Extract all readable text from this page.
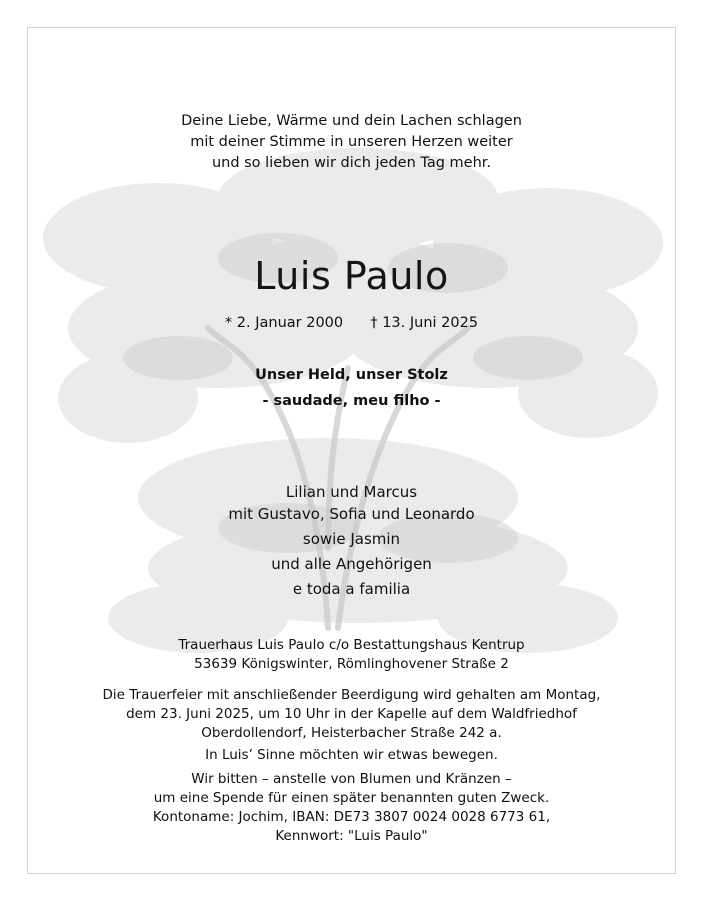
Deine Liebe, Wärme und dein Lachen schlagen
mit deiner Stimme in unseren Herzen weiter
und so lieben wir dich jeden Tag mehr.
Luis Paulo
* 2. Januar 2000 † 13. Juni 2025
Unser Held, unser Stolz
- saudade, meu filho -
Lilian und Marcus
mit Gustavo, Sofia und Leonardo
sowie Jasmin
und alle Angehörigen
e toda a familia
Trauerhaus Luis Paulo c/o Bestattungshaus Kentrup
53639 Königswinter, Römlinghovener Straße 2
Die Trauerfeier mit anschließender Beerdigung wird gehalten am Montag,
dem 23. Juni 2025, um 10 Uhr in der Kapelle auf dem Waldfriedhof
Oberdollendorf, Heisterbacher Straße 242 a.
In Luis’ Sinne möchten wir etwas bewegen.
Wir bitten – anstelle von Blumen und Kränzen –
um eine Spende für einen später benannten guten Zweck.
Kontoname: Jochim, IBAN: DE73 3807 0024 0028 6773 61,
Kennwort: "Luis Paulo"
